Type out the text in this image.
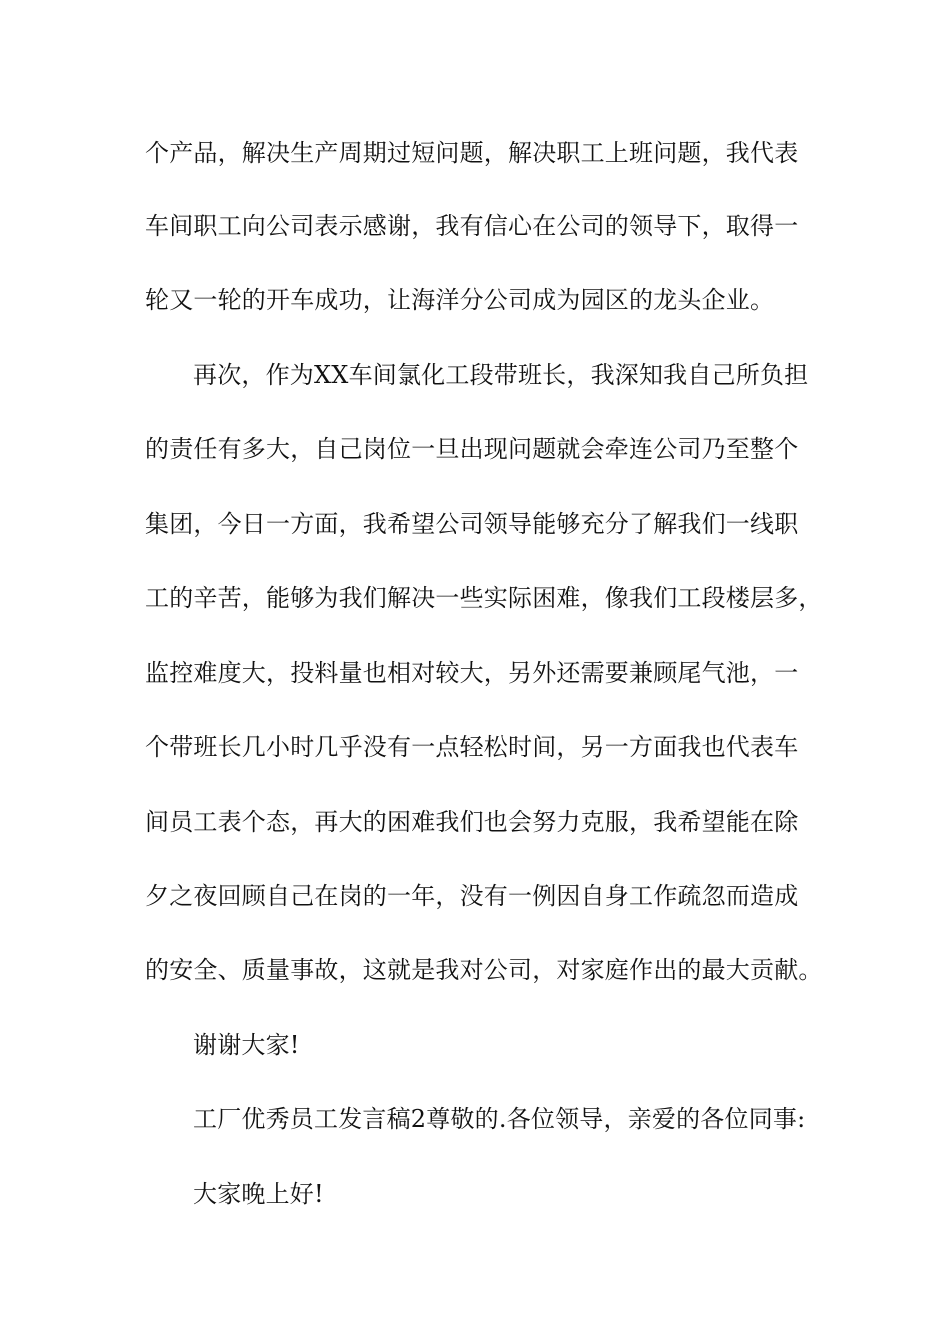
个产品，解决生产周期过短问题，解决职工上班问题，我代表
车间职工向公司表示感谢，我有信心在公司的领导下，取得一
轮又一轮的开车成功，让海洋分公司成为园区的龙头企业。
再次，作为XX车间氯化工段带班长，我深知我自己所负担
的责任有多大，自己岗位一旦出现问题就会牵连公司乃至整个
集团，今日一方面，我希望公司领导能够充分了解我们一线职
工的辛苦，能够为我们解决一些实际困难，像我们工段楼层多，
监控难度大，投料量也相对较大，另外还需要兼顾尾气池，一
个带班长几小时几乎没有一点轻松时间，另一方面我也代表车
间员工表个态，再大的困难我们也会努力克服，我希望能在除
夕之夜回顾自己在岗的一年，没有一例因自身工作疏忽而造成
的安全、质量事故，这就是我对公司，对家庭作出的最大贡献。
谢谢大家!
工厂优秀员工发言稿2尊敬的.各位领导，亲爱的各位同事:
大家晚上好!
